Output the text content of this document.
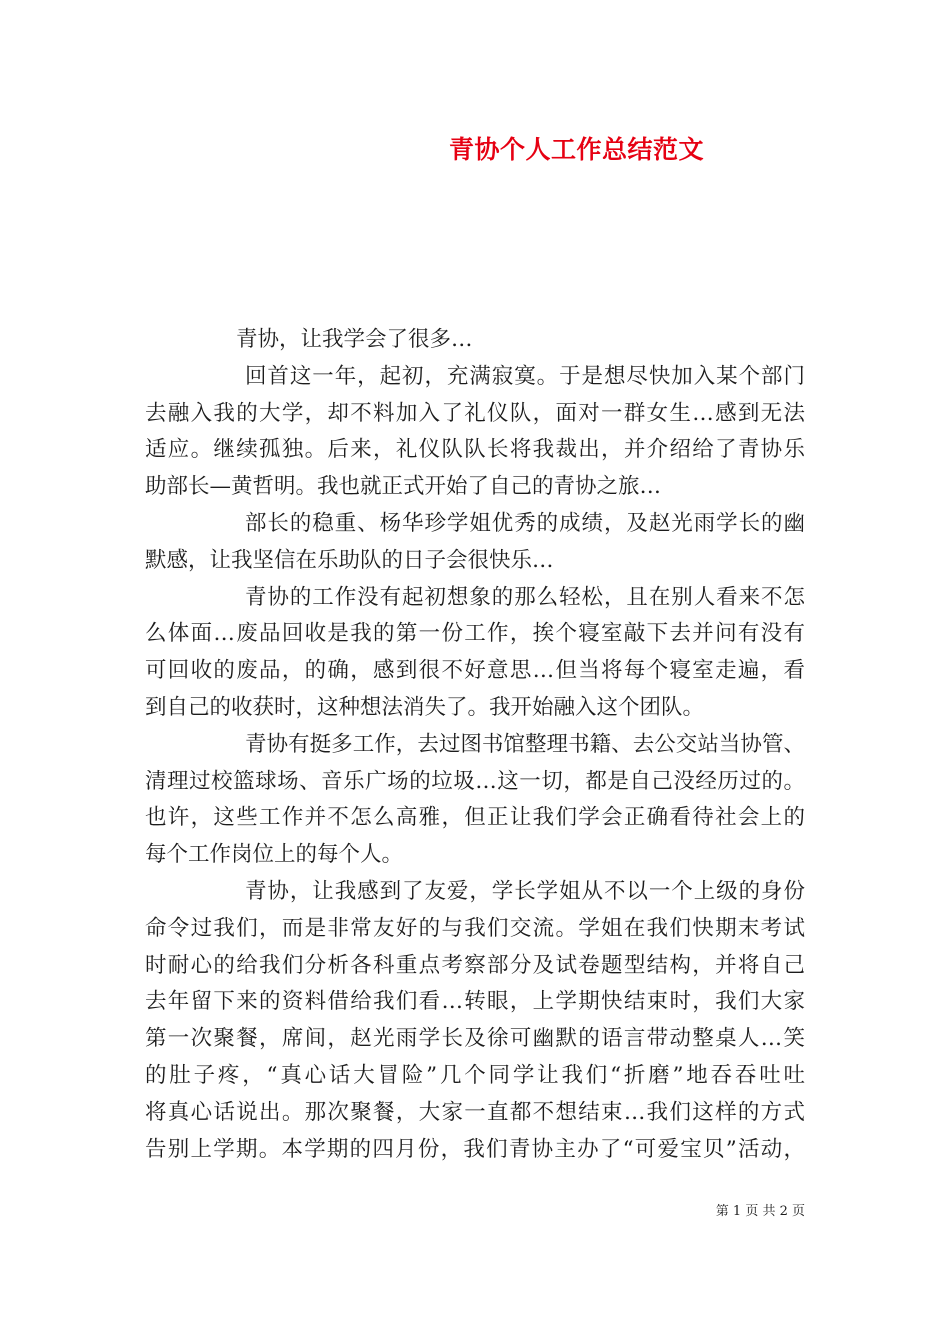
青协个人工作总结范文
青协，让我学会了很多…
回首这一年，起初，充满寂寞。于是想尽快加入某个部门
去融入我的大学，却不料加入了礼仪队，面对一群女生…感到无法
适应。继续孤独。后来，礼仪队队长将我裁出，并介绍给了青协乐
助部长—黄哲明。我也就正式开始了自己的青协之旅…
部长的稳重、杨华珍学姐优秀的成绩，及赵光雨学长的幽
默感，让我坚信在乐助队的日子会很快乐…
青协的工作没有起初想象的那么轻松，且在别人看来不怎
么体面…废品回收是我的第一份工作，挨个寝室敲下去并问有没有
可回收的废品，的确，感到很不好意思…但当将每个寝室走遍，看
到自己的收获时，这种想法消失了。我开始融入这个团队。
青协有挺多工作，去过图书馆整理书籍、去公交站当协管、
清理过校篮球场、音乐广场的垃圾…这一切，都是自己没经历过的。
也许，这些工作并不怎么高雅，但正让我们学会正确看待社会上的
每个工作岗位上的每个人。
青协，让我感到了友爱，学长学姐从不以一个上级的身份
命令过我们，而是非常友好的与我们交流。学姐在我们快期末考试
时耐心的给我们分析各科重点考察部分及试卷题型结构，并将自己
去年留下来的资料借给我们看…转眼，上学期快结束时，我们大家
第一次聚餐，席间，赵光雨学长及徐可幽默的语言带动整桌人…笑
的肚子疼，“真心话大冒险”几个同学让我们“折磨”地吞吞吐吐
将真心话说出。那次聚餐，大家一直都不想结束…我们这样的方式
告别上学期。本学期的四月份，我们青协主办了“可爱宝贝”活动，
第 1 页 共 2 页
